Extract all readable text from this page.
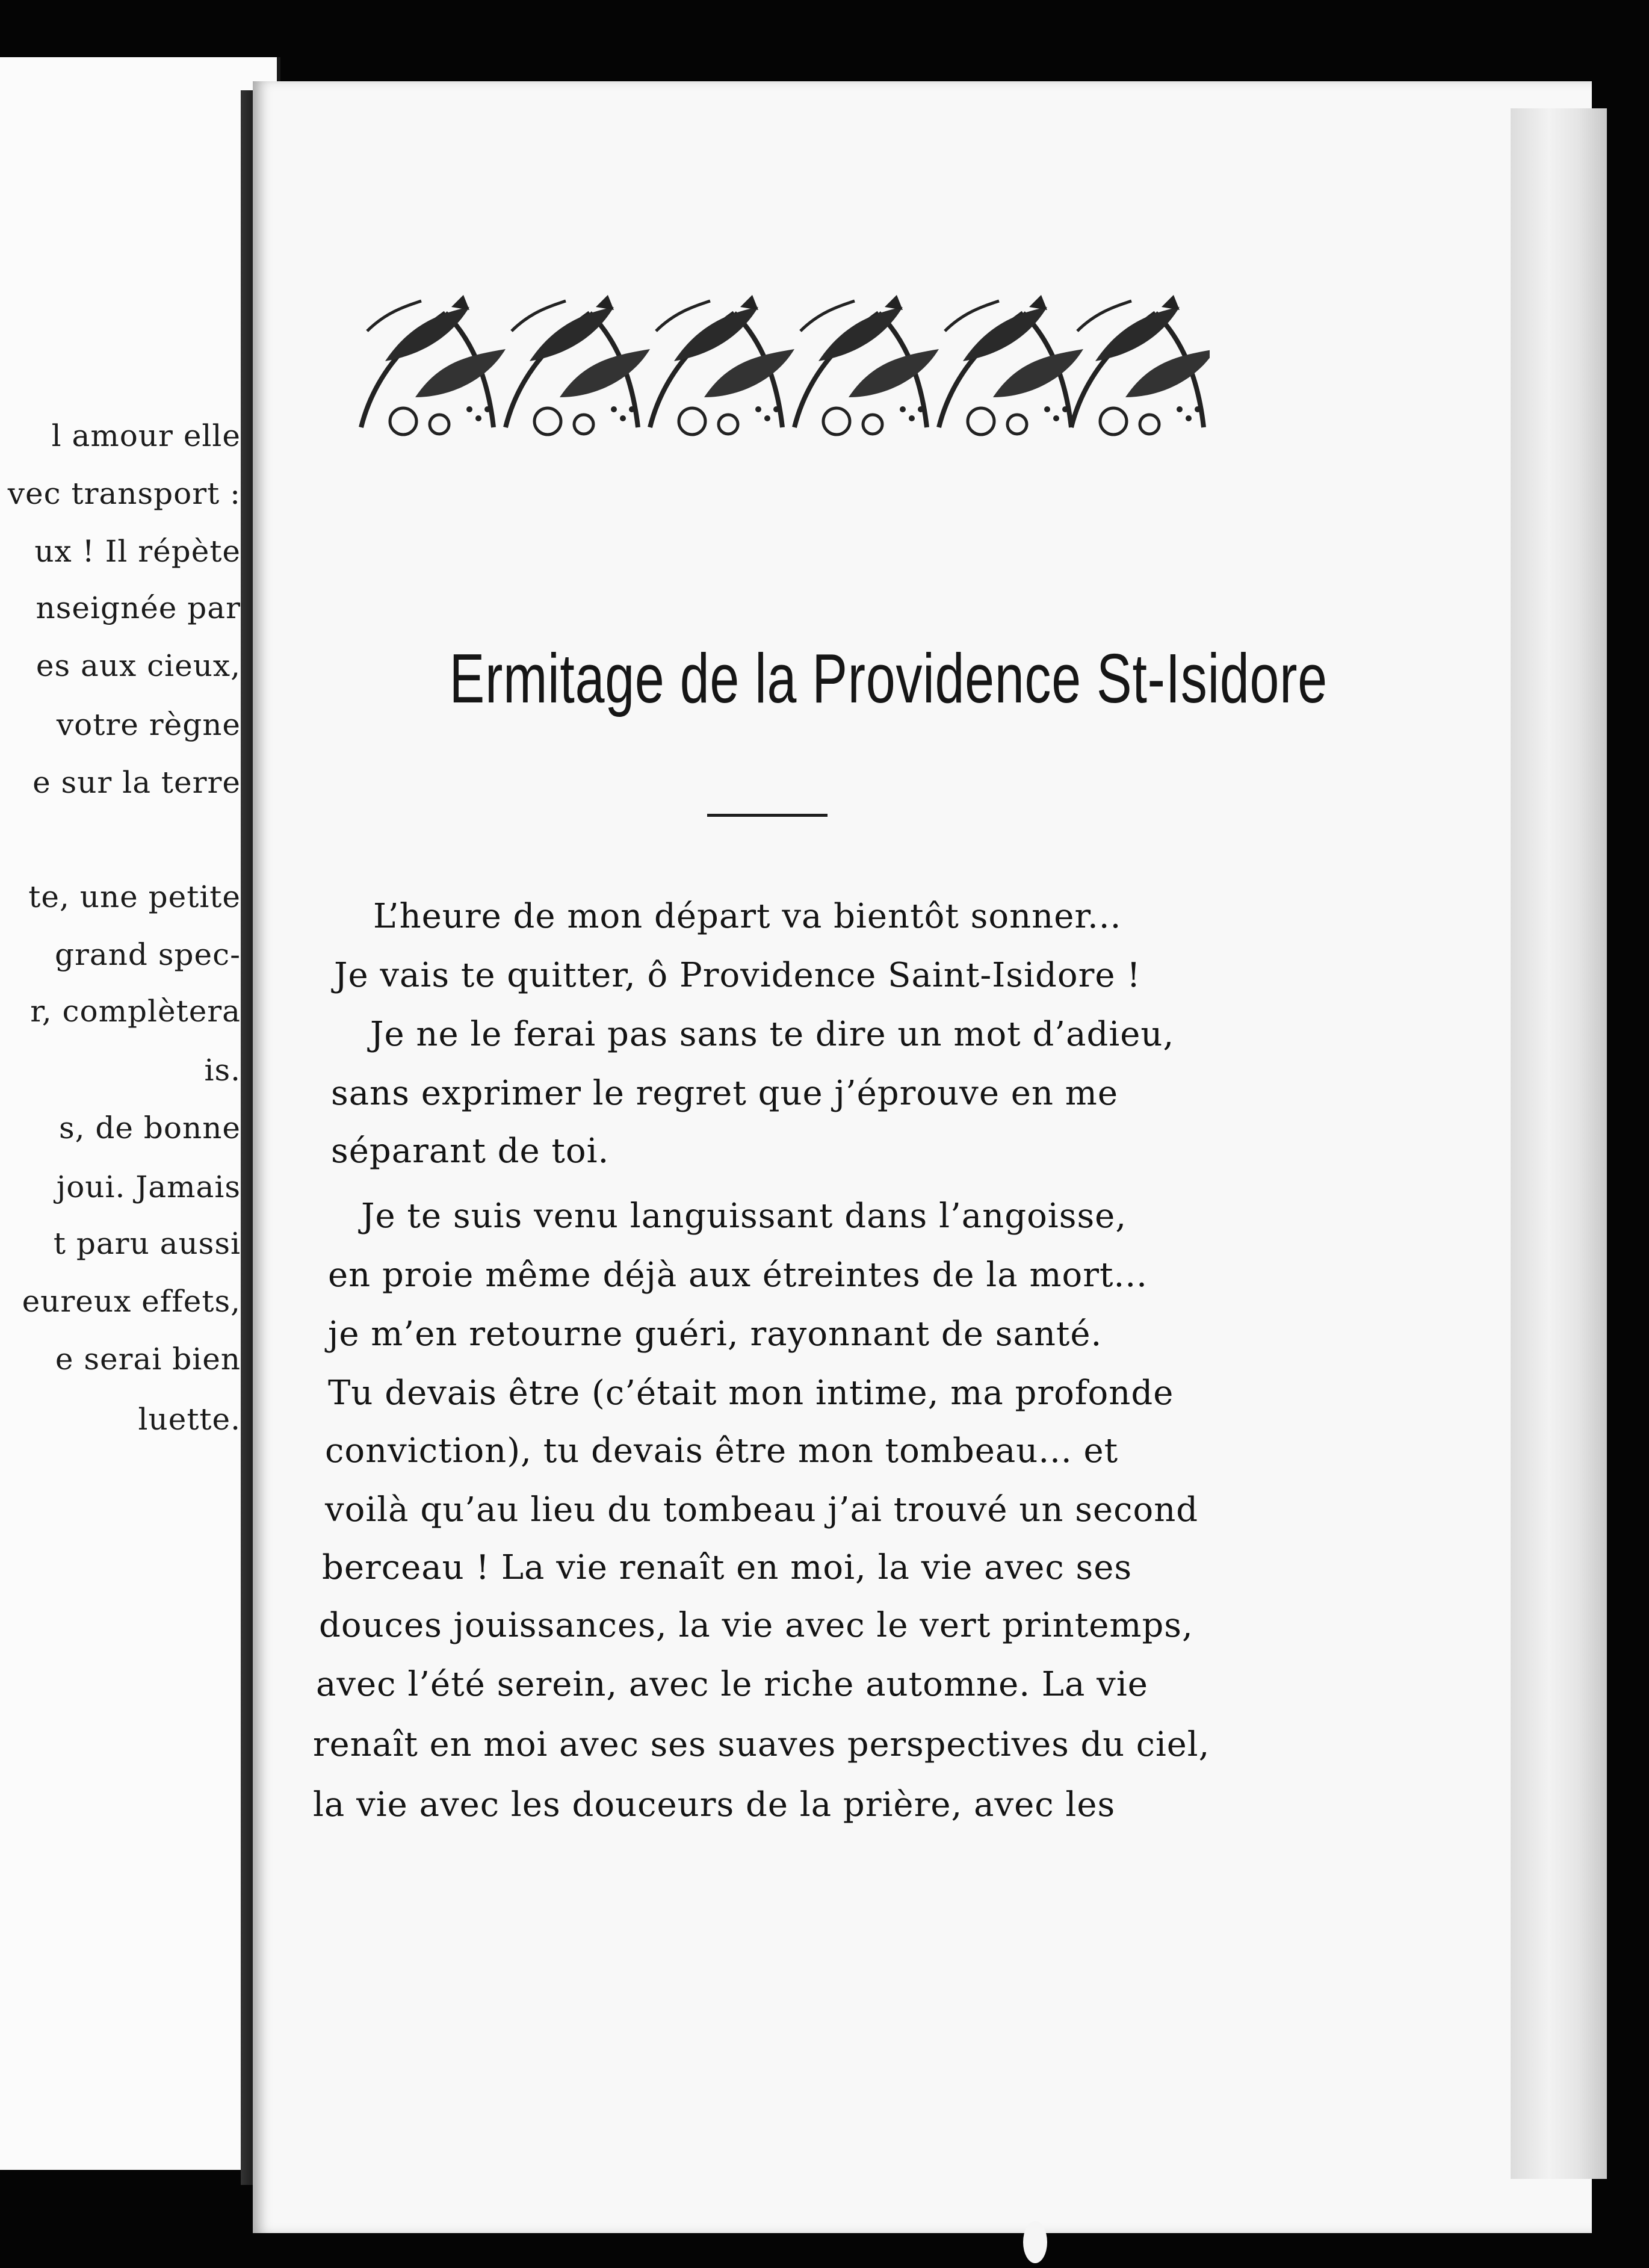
l amour elle
vec transport :
ux ! Il répète
nseignée par
es aux cieux,
votre règne
e sur la terre
te, une petite
grand spec-
r, complètera
is.
s, de bonne
joui. Jamais
t paru aussi
eureux effets,
e serai bien
luette.
Ermitage de la Providence St-Isidore
L’heure de mon départ va bientôt sonner...
Je vais te quitter, ô Providence Saint-Isidore !
Je ne le ferai pas sans te dire un mot d’adieu,
sans exprimer le regret que j’éprouve en me
séparant de toi.
Je te suis venu languissant dans l’angoisse,
en proie même déjà aux étreintes de la mort...
je m’en retourne guéri, rayonnant de santé.
Tu devais être (c’était mon intime, ma profonde
conviction), tu devais être mon tombeau... et
voilà qu’au lieu du tombeau j’ai trouvé un second
berceau ! La vie renaît en moi, la vie avec ses
douces jouissances, la vie avec le vert printemps,
avec l’été serein, avec le riche automne. La vie
renaît en moi avec ses suaves perspectives du ciel,
la vie avec les douceurs de la prière, avec les
